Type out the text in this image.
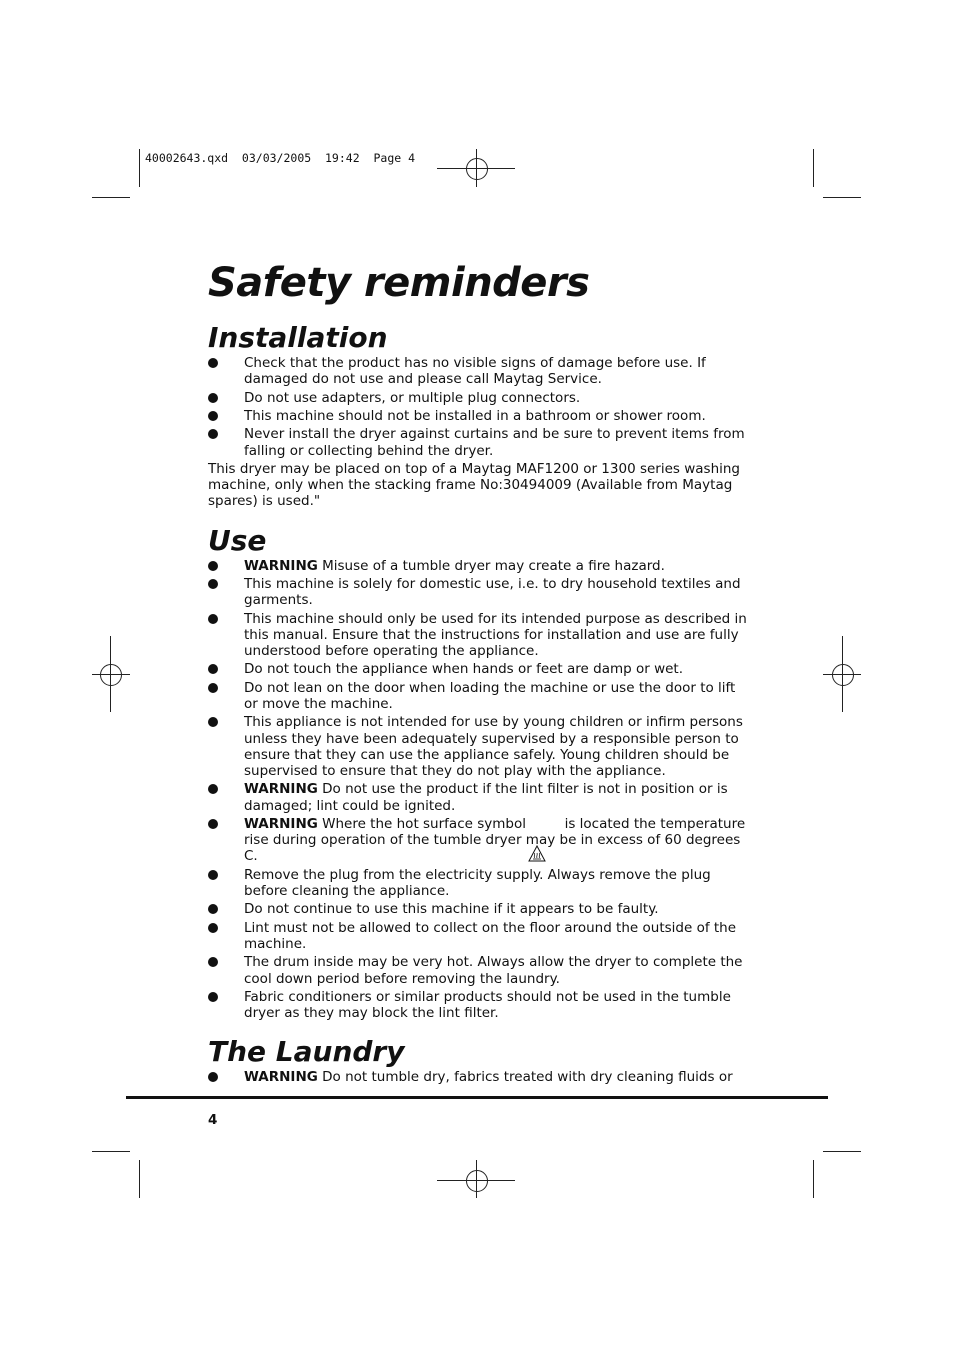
40002643.qxd  03/03/2005  19:42  Page 4
Safety reminders
Installation
Check that the product has no visible signs of damage before use. If damaged do not use and please call Maytag Service.
Do not use adapters, or multiple plug connectors.
This machine should not be installed in a bathroom or shower room.
Never install the dryer against curtains and be sure to prevent items from falling or collecting behind the dryer.

This dryer may be placed on top of a Maytag MAF1200 or 1300 series washing machine, only when the stacking frame No:30494009 (Available from Maytag spares) is used."

Use
WARNING Misuse of a tumble dryer may create a fire hazard.
This machine is solely for domestic use, i.e. to dry household textiles and garments.
This machine should only be used for its intended purpose as described in this manual. Ensure that the instructions for installation and use are fully understood before operating the appliance.
Do not touch the appliance when hands or feet are damp or wet.
Do not lean on the door when loading the machine or use the door to lift or move the machine.
This appliance is not intended for use by young children or infirm persons unless they have been adequately supervised by a responsible person to ensure that they can use the appliance safely. Young children should be supervised to ensure that they do not play with the appliance.
WARNING Do not use the product if the lint filter is not in position or is damaged; lint could be ignited.
WARNING Where the hot surface symbol         is located the temperature rise during operation of the tumble dryer may be in excess of 60 degrees C.
Remove the plug from the electricity supply. Always remove the plug before cleaning the appliance.
Do not continue to use this machine if it appears to be faulty.
Lint must not be allowed to collect on the floor around the outside of the machine.
The drum inside may be very hot. Always allow the dryer to complete the cool down period before removing the laundry.
Fabric conditioners or similar products should not be used in the tumble dryer as they may block the lint filter.
The Laundry
WARNING Do not tumble dry, fabrics treated with dry cleaning fluids or
4
